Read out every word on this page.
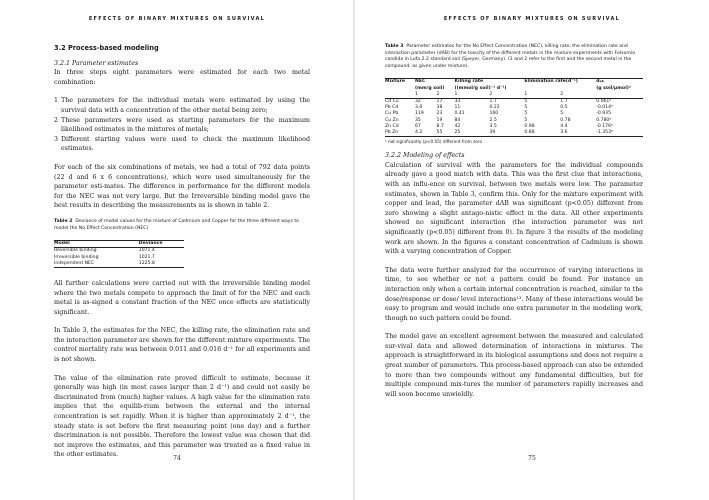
EFFECTS OF BINARY MIXTURES ON SURVIVAL

3.2 Process-based modeling

3.2.1 Parameter estimates

In three steps eight parameters were estimated for each two metal combination:

1 The parameters for the individual metals were estimated by using the survival data with a concentration of the other metal being zero;

2 These parameters were used as starting parameters for the maximum likelihood estimates in the mixtures of metals;

3 Different starting values were used to check the maximum likelihood estimates.

For each of the six combinations of metals, we had a total of 792 data points (22 d and 6 x 6 concentrations), which were used simultaneously for the parameter esti-mates. The difference in performance for the different models for the NEC was not very large. But the Irreversible binding model gave the best results in describing the measurements as is shown in table 2.

Table 2 Deviance of model values for the mixture of Cadmium and Copper for the three different ways to model the No Effect Concentration (NEC)
Model	Deviance
Reversible binding	1071.4
Irreversible binding	1021.7
Independent NEC	1225.8

All further calculations were carried out with the irreversible binding model where the two metals compete to approach the limit of for the NEC and each metal is as-signed a constant fraction of the NEC once effects are statistically significant.

In Table 3, the estimates for the NEC, the killing rate, the elimination rate and the interaction parameter are shown for the different mixture experiments. The control mortality rate was between 0.011 and 0.016 d⁻¹ for all experiments and is not shown.

The value of the elimination rate proved difficult to estimate, because it generally was high (in most cases larger than 2 d⁻¹) and could not easily be discriminated from (much) higher values. A high value for the elimination rate implies that the equilib-rium between the external and the internal concentration is set rapidly. When it is higher than approximately 2 d⁻¹, the steady state is set before the first measuring point (one day) and a further discrimination is not possible. Therefore the lowest value was chosen that did not improve the estimates, and this parameter was treated as a fixed value in the other estimates.

74
EFFECTS OF BINARY MIXTURES ON SURVIVAL
Table 3 Parameter estimates for the No Effect Concentration (NEC), killing rate, the elimination rate and interaction parameter (dAB) for the toxicity of the different metals in the mixture experiments with Folsomia candida in Lufa 2.2 standard soil (Speyer, Germany). (1 and 2 refer to the first and the second metal in the compound, as given under mixture).
Mixture	NEC
(mm/g soil)		Killing rate
((mmol/g soil)⁻¹ d⁻¹)		Elimination rate(d⁻¹)		dₐᵦ
(g soil/µmol)ᵃ
	1	2	1	2	1	2	
Cd Cu	32	17	33	1.7	5	1.7	0.061ᵃ
Pb Cd	3.6	38	11	0.22	5	0.5	-0.014ᵃ
Cu Pb	119	23	0.41	160	5	5	-0.935
Cu Zn	35	19	84	2.5	5	0.78	0.780ᵃ
Zn Cd	67	8.7	42	3.5	0.98	4.4	-0.176ᵃ
Pb Zn	4.2	55	25	39	0.88	3.6	-1.353ᵃ
ᵃ not significantly (p<0.05) different from zero

3.2.2 Modeling of effects

Calculation of survival with the parameters for the individual compounds already gave a good match with data. This was the first clue that interactions, with an influ-ence on survival, between two metals were low. The parameter estimates, shown in Table 3, confirm this. Only for the mixture experiment with copper and lead, the parameter dAB was significant (p<0.05) different from zero showing a slight antago-nistic effect in the data. All other experiments showed no significant interaction (the interaction parameter was not significantly (p<0.05) different from 0). In figure 3 the results of the modeling work are shown. In the figures a constant concentration of Cadmium is shown with a varying concentration of Copper.

The data were further analyzed for the occurrence of varying interactions in time, to see whether or not a pattern could be found. For instance an interaction only when a certain internal concentration is reached, similar to the dose/response or dose/ level interactions¹³. Many of these interactions would be easy to program and would include one extra parameter in the modeling work, though no such pattern could be found.

The model gave an excellent agreement between the measured and calculated sur-vival data and allowed determination of interactions in mixtures. The approach is straightforward in its biological assumptions and does not require a great number of parameters. This process-based approach can also be extended to more than two compounds without any fundamental difficulties, but for multiple compound mix-tures the number of parameters rapidly increases and will soon become unwieldly.

75
